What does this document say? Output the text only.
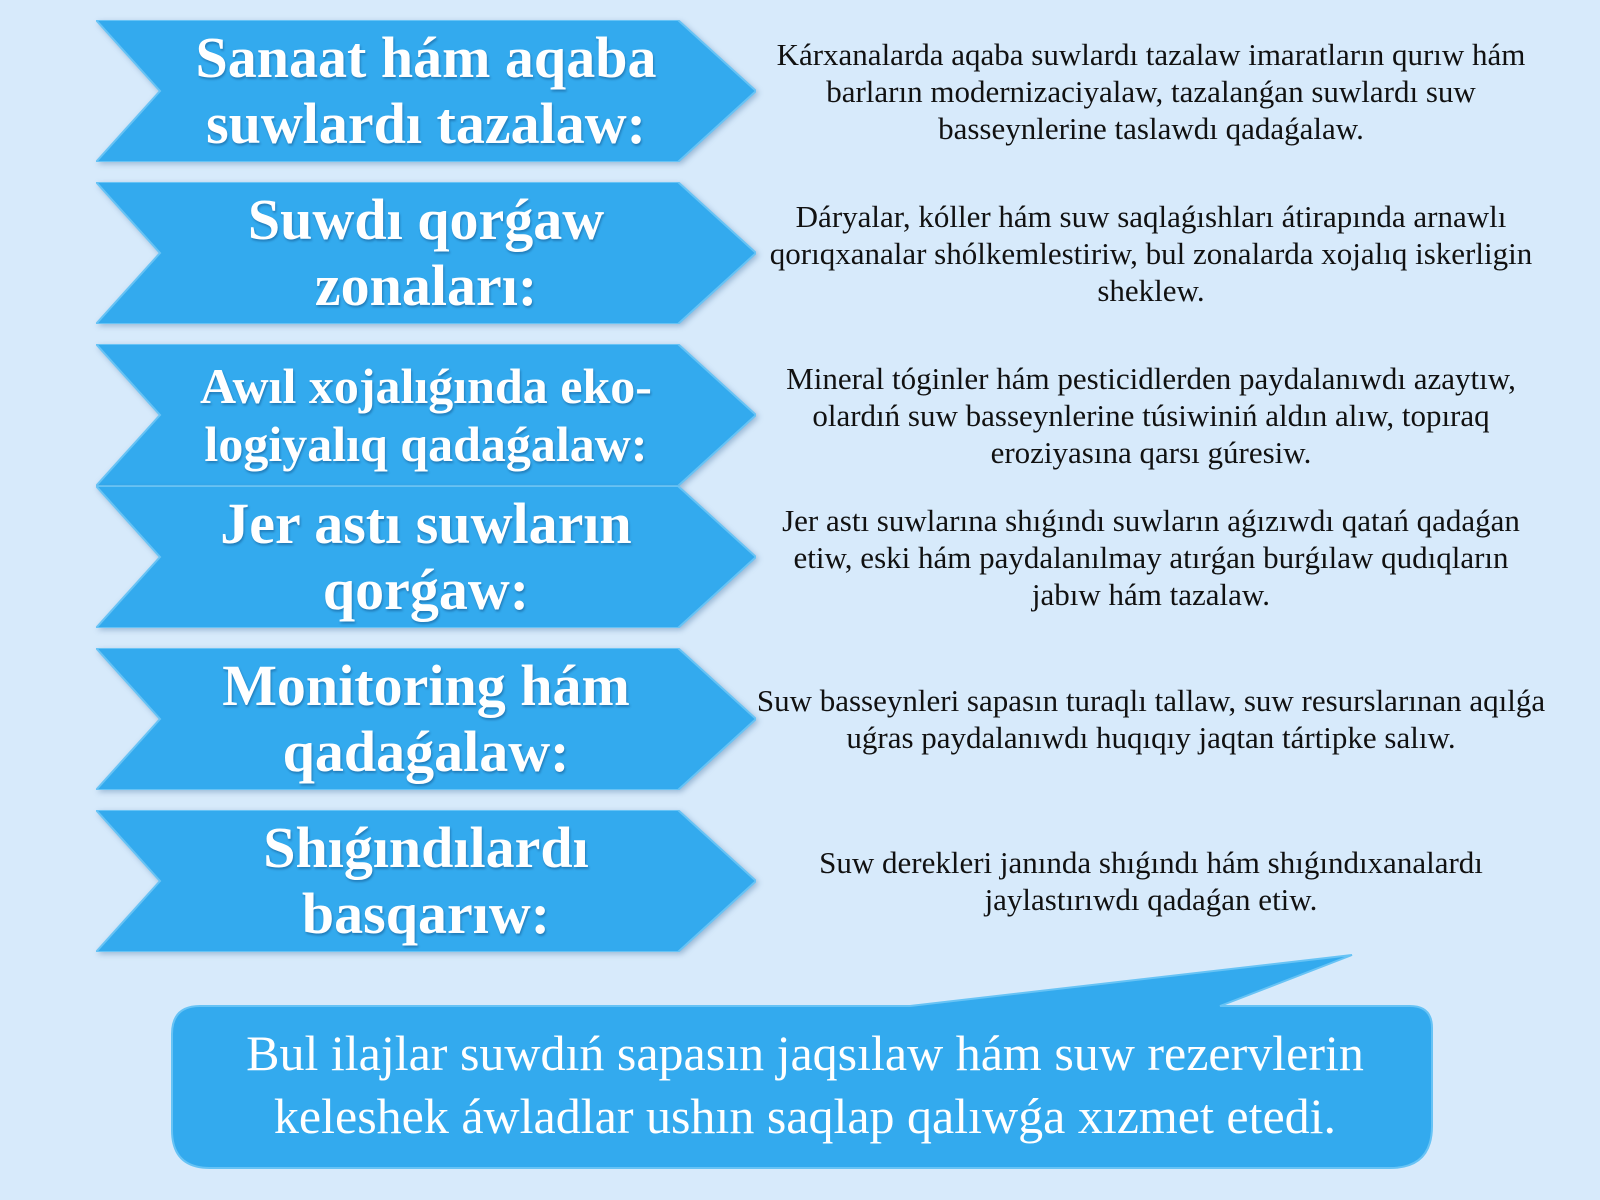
Sanaat hám aqaba suwlardı tazalaw:
Kárxanalarda aqaba suwlardı tazalaw imaratların qurıw hám barların modernizaciyalaw, tazalanǵan suwlardı suw basseynlerine taslawdı qadaǵalaw.
Suwdı qorǵaw zonaları:
Dáryalar, kóller hám suw saqlaǵıshları átirapında arnawlı qorıqxanalar shólkemlestiriw, bul zonalarda xojalıq iskerligin sheklew.
Awıl xojalıǵında eko-logiyalıq qadaǵalaw:
Mineral tóginler hám pesticidlerden paydalanıwdı azaytıw, olardıń suw basseynlerine túsiwiniń aldın alıw, topıraq eroziyasına qarsı gúresiw.
Jer astı suwların qorǵaw:
Jer astı suwlarına shıǵındı suwların aǵızıwdı qatań qadaǵan etiw, eski hám paydalanılmay atırǵan burǵılaw qudıqların jabıw hám tazalaw.
Monitoring hám qadaǵalaw:
Suw basseynleri sapasın turaqlı tallaw, suw resurslarınan aqılǵa uǵras paydalanıwdı huqıqıy jaqtan tártipke salıw.
Shıǵındılardı basqarıw:
Suw derekleri janında shıǵındı hám shıǵındıxanalardı jaylastırıwdı qadaǵan etiw.
Bul ilajlar suwdıń sapasın jaqsılaw hám suw rezervlerin keleshek áwladlar ushın saqlap qalıwǵa xızmet etedi.
